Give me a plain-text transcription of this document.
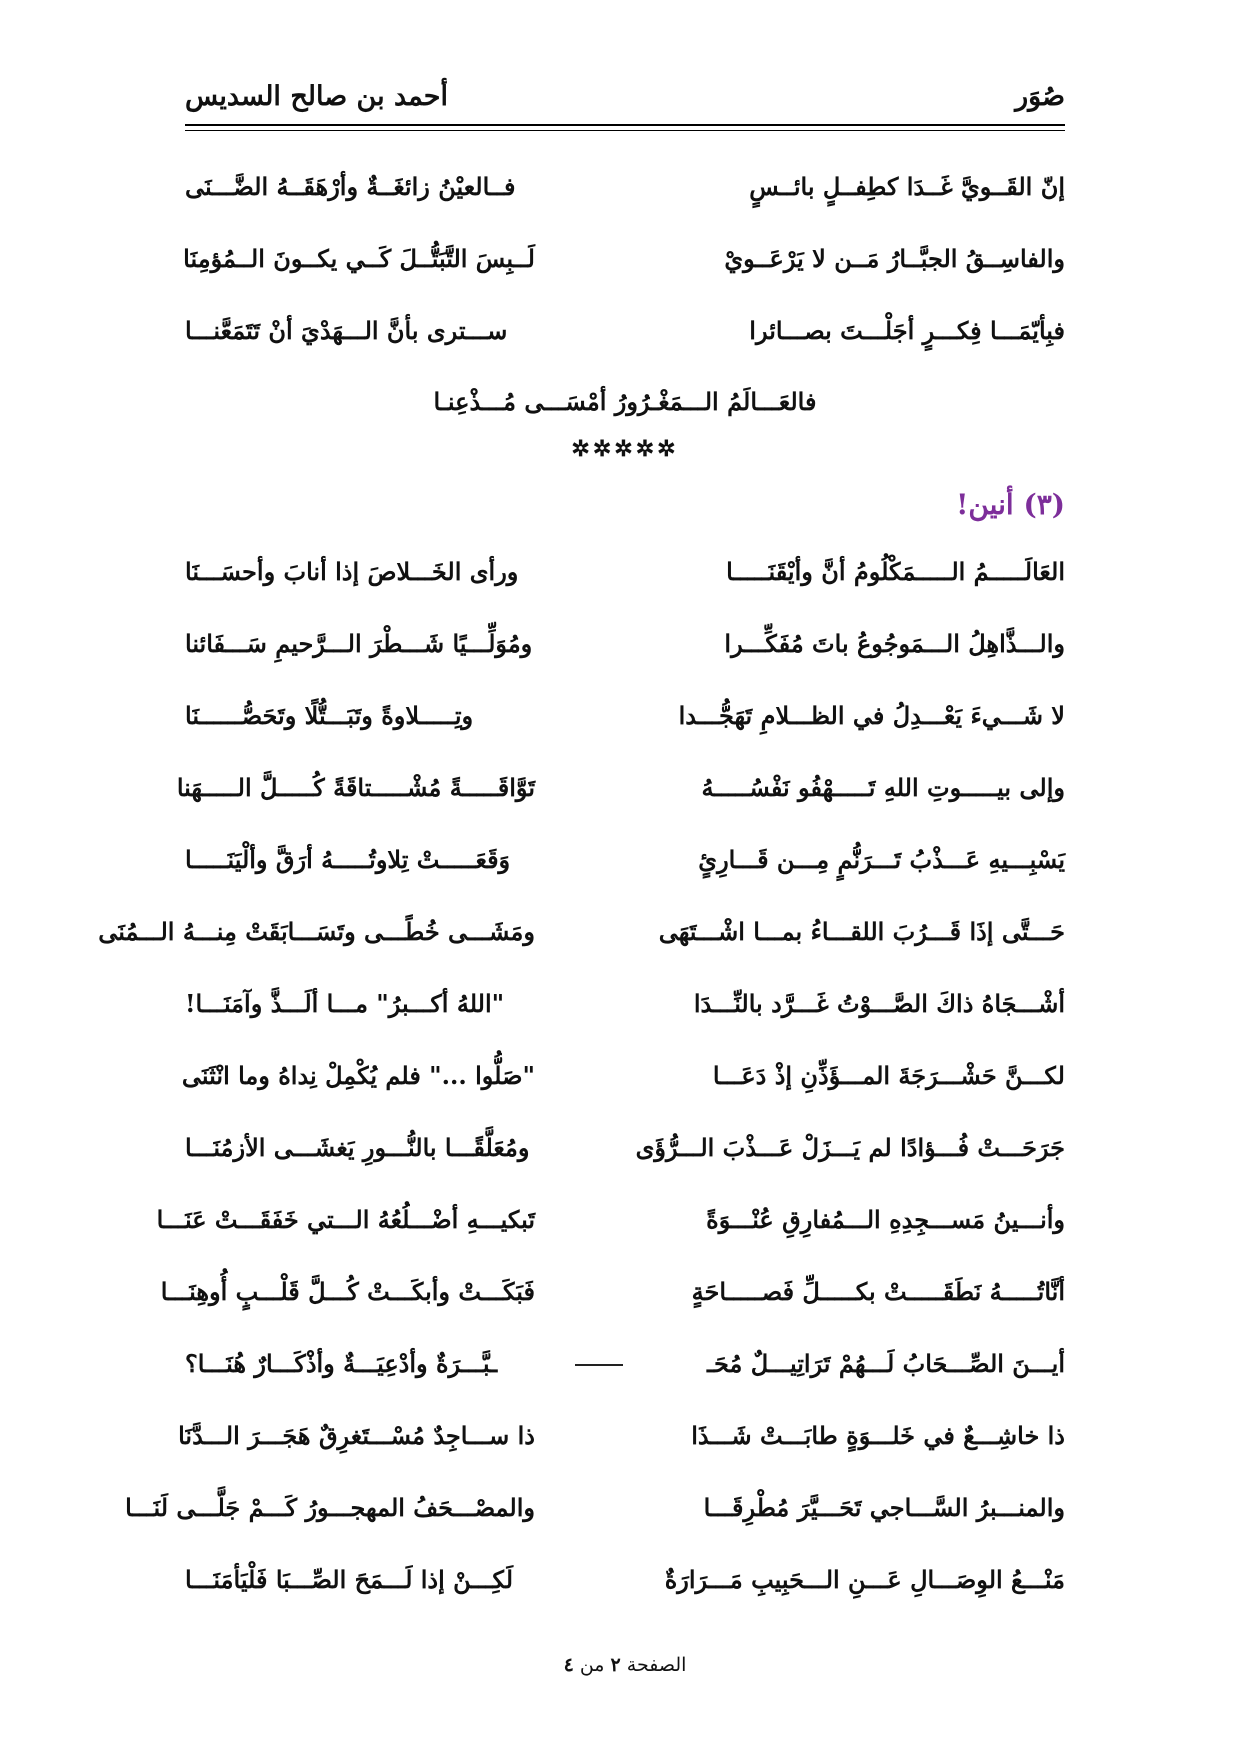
صُوَر
أحمد بن صالح السديس
إنّ القَــويَّ غَــدَا كطِفــلٍ بائــسٍ
فــالعيْنُ زائغَــةٌ وأرْهَقَــهُ الضَّـــنَى
والفاسِــقُ الجبَّــارُ مَــن لا يَرْعَــويْ
لَــبِسَ التَّبَتُّــلَ كَــي يكــونَ الــمُؤمِنَا
فبِأيّمَـــا فِكـــرٍ أجَلْـــتَ بصـــائرا
ســـترى بأنَّ الـــهَدْيَ أنْ تَتَمَعَّنـــا
فالعَـــالَمُ الـــمَغْـرُورُ أمْسَـــى مُـــذْعِنـا
✲✲✲✲✲
(٣) أنين!
العَالَـــــمُ الـــــمَكْلُومُ أنَّ وأيْقَنَـــــا
ورأى الخَـــلاصَ إذا أنابَ وأحسَـــنَا
والـــذَّاهِلُ الـــمَوجُوعُ باتَ مُفَكِّـــرا
ومُوَلِّـــيًا شَـــطْرَ الـــرَّحيمِ سَـــفَائنا
لا شَـــيءَ يَعْـــدِلُ في الظـــلامِ تَهَجُّـــدا
وتِـــــلاوةً وتَبَـــتُّلًا وتَحَصُّــــــنَا
وإلى بيـــــوتِ اللهِ تَـــــهْفُو نَفْسُـــــهُ
تَوَّاقَـــــةً مُشْـــــتاقَةً كُـــــلَّ الـــــهَنا
يَسْبِـــيهِ عَـــذْبُ تَـــرَنُّمٍ مِـــن قَـــارِئٍ
وَقَعَـــــتْ تِلاوتُـــــهُ أرَقَّ وألْيَنَـــــا
حَـــتَّى إذَا قَـــرُبَ اللقـــاءُ بمـــا اشْـــتَهَى
ومَشَـــى خُطًـــى وتَسَـــابَقَتْ مِنـــهُ الـــمُنَى
أشْـــجَاهُ ذاكَ الصَّـــوْتُ غَـــرَّد بالنِّـــدَا
"اللهُ أكـــبرُ" مـــا ألَـــذَّ وآمَنَـــا!
لكـــنَّ حَشْـــرَجَةَ المـــؤَذِّنِ إذْ دَعَـــا
"صَلُّوا ..." فلم يُكْمِلْ نِداهُ وما انْثَنَى
جَرَحَـــتْ فُـــؤادًا لم يَـــزَلْ عَـــذْبَ الـــرُّؤَى
ومُعَلَّقًـــا بالنُّـــورِ يَغشَـــى الأزمُنَـــا
وأنـــينُ مَســـجِدِهِ الـــمُفارِقِ عُنْـــوَةً
تَبكيـــهِ أضْـــلُعُهُ الـــتي خَفَقَـــتْ عَنَـــا
أنَّاتُـــــهُ نَطَقَـــــتْ بكـــــلِّ فَصـــــاحَةٍ
فَبَكَـــتْ وأبكَـــتْ كُـــلَّ قَلْـــبٍ أُوهِنَـــا
أيـــنَ الصِّـــحَابُ لَـــهُمْ تَرَاتِيـــلٌ مُحَـ
ـبَّـــرَةٌ وأدْعِيَـــةٌ وأذْكَـــارٌ هُنَـــا؟
ذا خاشِـــعٌ في خَلـــوَةٍ طابَـــتْ شَـــذَا
ذا ســـاجِدٌ مُسْـــتَغرِقٌ هَجَـــرَ الـــدَّنَا
والمنـــبرُ السَّـــاجي تَحَـــيَّرَ مُطْرِقَـــا
والمصْـــحَفُ المهجـــورُ كَـــمْ جَلَّـــى لَنَـــا
مَنْـــعُ الوِصَـــالِ عَـــنِ الـــحَبِيبِ مَـــرَارَةٌ
لَكِـــنْ إذا لَـــمَحَ الصِّـــبَا فَلْيَأمَنَـــا
الصفحة ٢ من ٤
